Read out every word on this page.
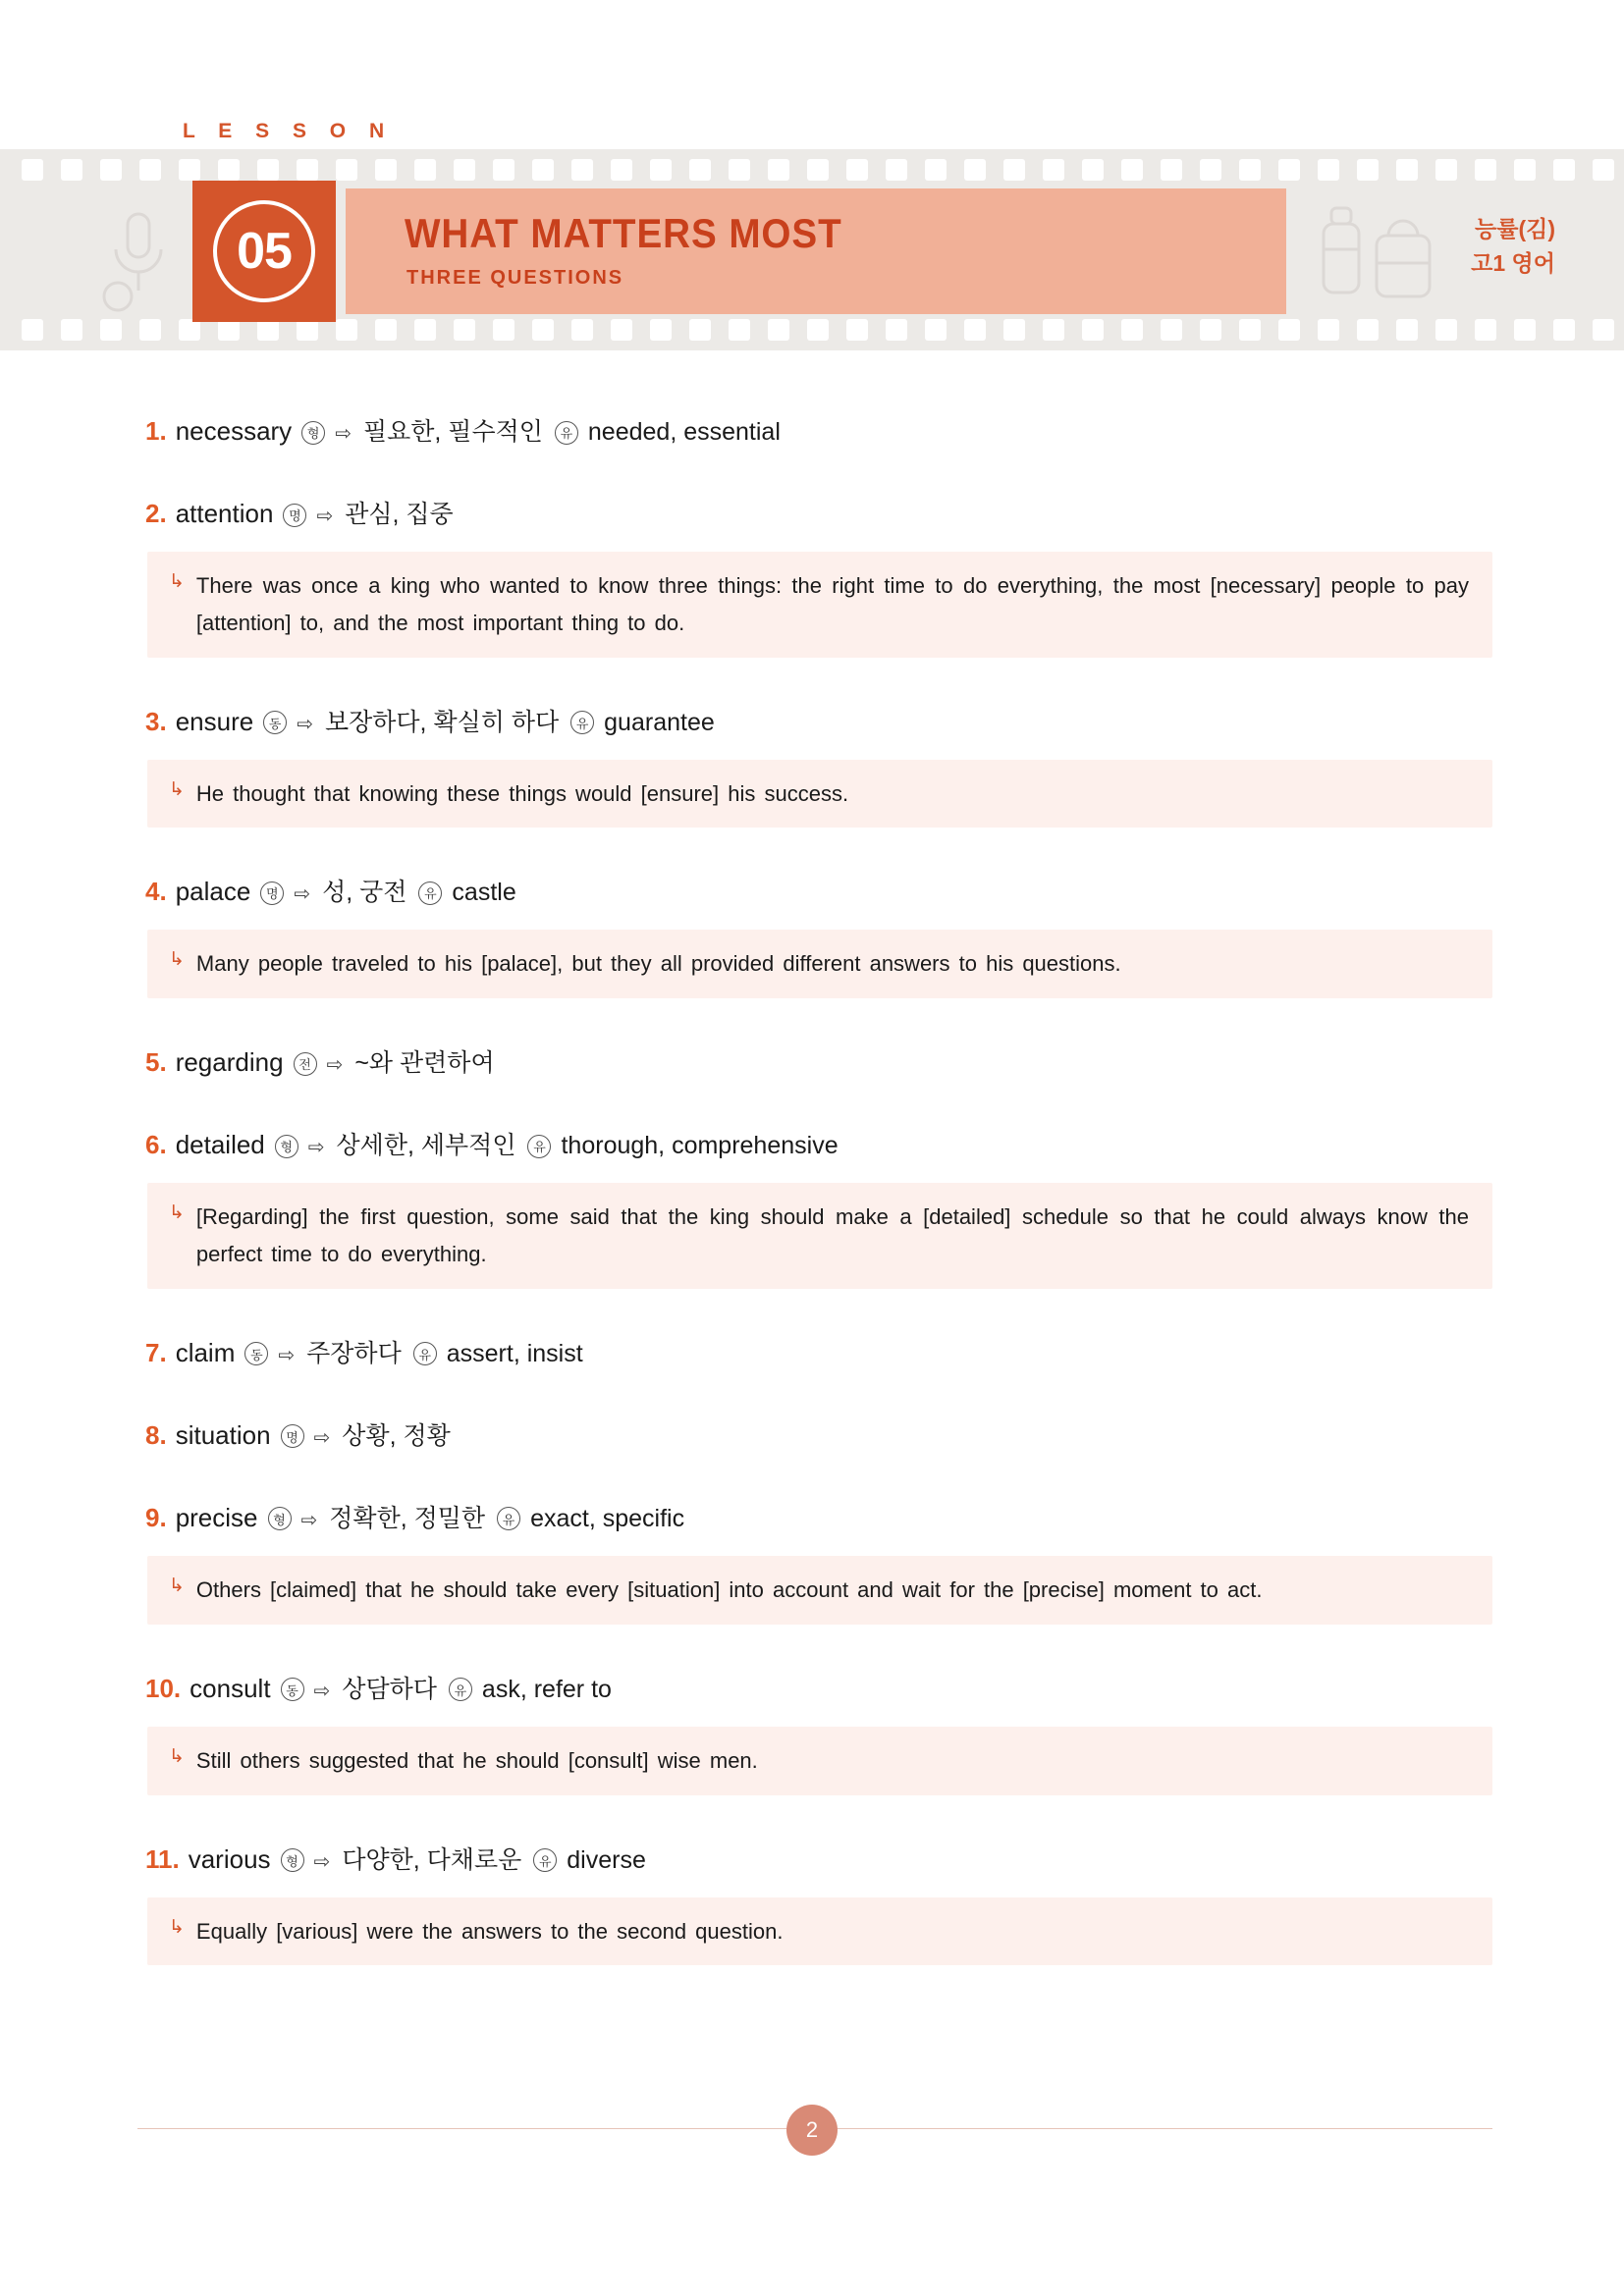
L E S S O N
WHAT MATTERS MOST
THREE QUESTIONS
05	능률(김)
고1 영어
1. necessary	형 ⇨ 필요한, 필수적인	유 needed, essential
2. attention	명 ⇨ 관심, 집중
↳ There was once a king who wanted to know three things: the right time to do everything, the most [necessary] people to pay [attention] to, and the most important thing to do.
3. ensure	동 ⇨ 보장하다, 확실히 하다	유 guarantee
↳ He thought that knowing these things would [ensure] his success.
4. palace	명 ⇨ 성, 궁전	유 castle
↳ Many people traveled to his [palace], but they all provided different answers to his questions.
5. regarding	전 ⇨ ~와 관련하여
6. detailed	형 ⇨ 상세한, 세부적인	유 thorough, comprehensive
↳ [Regarding] the first question, some said that the king should make a [detailed] schedule so that he could always know the perfect time to do everything.
7. claim	동 ⇨ 주장하다	유 assert, insist
8. situation	명 ⇨ 상황, 정황
9. precise	형 ⇨ 정확한, 정밀한	유 exact, specific
↳ Others [claimed] that he should take every [situation] into account and wait for the [precise] moment to act.
10. consult	동 ⇨ 상담하다	유 ask, refer to
↳ Still others suggested that he should [consult] wise men.
11. various	형 ⇨ 다양한, 다채로운	유 diverse
↳ Equally [various] were the answers to the second question.
2
